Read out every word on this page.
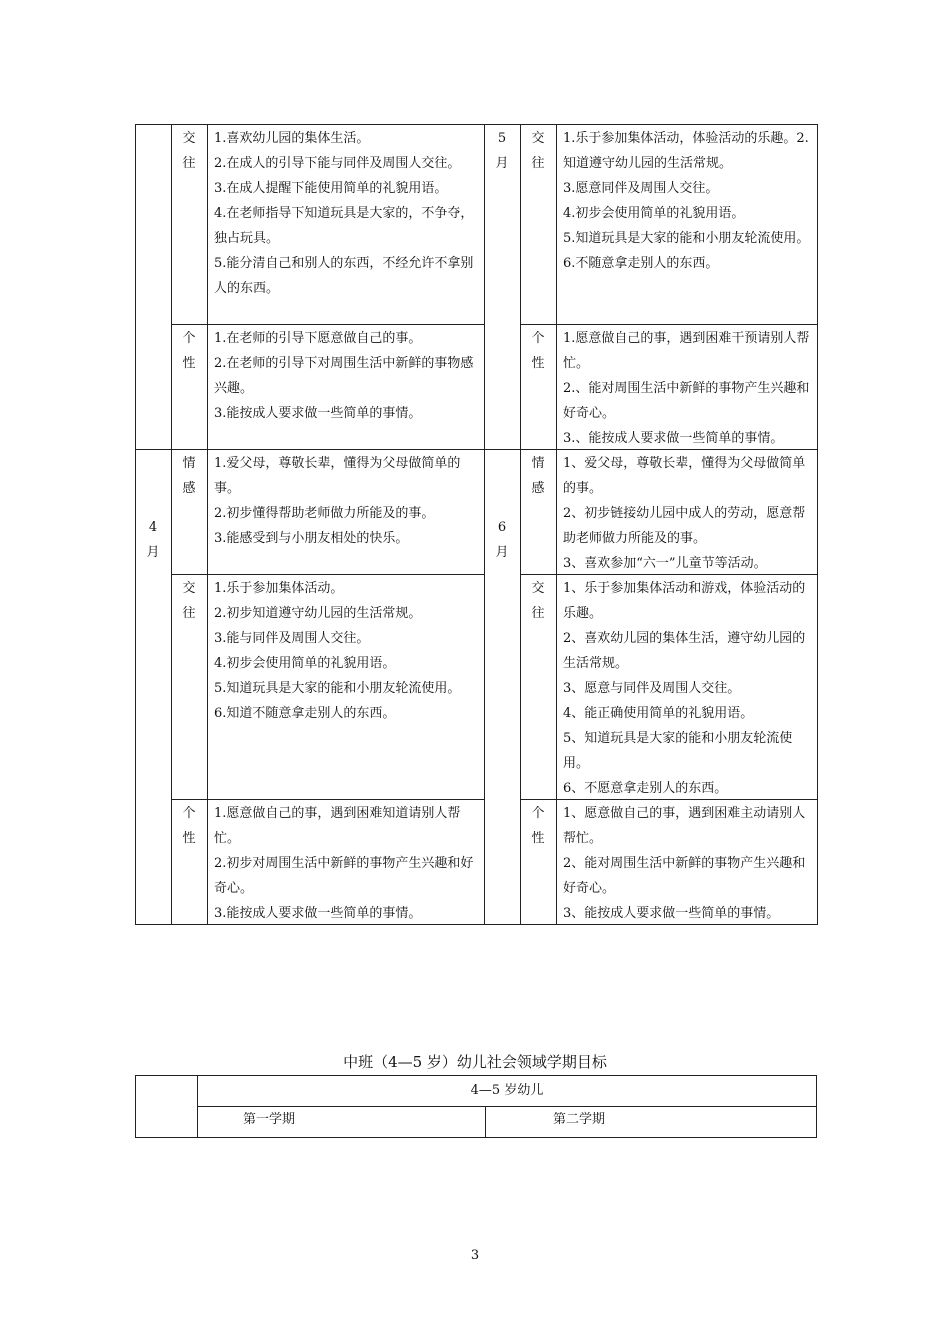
5
月
交
往

1.喜欢幼儿园的集体生活。

2.在成人的引导下能与同伴及周围人交往。

3.在成人提醒下能使用简单的礼貌用语。

4.在老师指导下知道玩具是大家的，不争夺，独占玩具。

5.能分清自己和别人的东西，不经允许不拿别人的东西。

交
往

1.乐于参加集体活动，体验活动的乐趣。2.知道遵守幼儿园的生活常规。

3.愿意同伴及周围人交往。

4.初步会使用简单的礼貌用语。

5.知道玩具是大家的能和小朋友轮流使用。

6.不随意拿走别人的东西。

个
性

1.在老师的引导下愿意做自己的事。

2.在老师的引导下对周围生活中新鲜的事物感兴趣。

3.能按成人要求做一些简单的事情。

个
性

1.愿意做自己的事，遇到困难干预请别人帮忙。

2.、能对周围生活中新鲜的事物产生兴趣和好奇心。

3.、能按成人要求做一些简单的事情。

4
月
6
月
情
感

1.爱父母，尊敬长辈，懂得为父母做简单的事。

2.初步懂得帮助老师做力所能及的事。

3.能感受到与小朋友相处的快乐。

情
感

1、爱父母，尊敬长辈，懂得为父母做简单的事。

2、初步链接幼儿园中成人的劳动，愿意帮助老师做力所能及的事。

3、喜欢参加“六一”儿童节等活动。

交
往

1.乐于参加集体活动。

2.初步知道遵守幼儿园的生活常规。

3.能与同伴及周围人交往。

4.初步会使用简单的礼貌用语。

5.知道玩具是大家的能和小朋友轮流使用。

6.知道不随意拿走别人的东西。

交
往

1、乐于参加集体活动和游戏，体验活动的乐趣。

2、喜欢幼儿园的集体生活，遵守幼儿园的生活常规。

3、愿意与同伴及周围人交往。

4、能正确使用简单的礼貌用语。

5、知道玩具是大家的能和小朋友轮流使用。

6、不愿意拿走别人的东西。

个
性

1.愿意做自己的事，遇到困难知道请别人帮忙。

2.初步对周围生活中新鲜的事物产生兴趣和好奇心。

3.能按成人要求做一些简单的事情。

个
性

1、愿意做自己的事，遇到困难主动请别人帮忙。

2、能对周围生活中新鲜的事物产生兴趣和好奇心。

3、能按成人要求做一些简单的事情。

中班（4—5 岁）幼儿社会领域学期目标
4—5 岁幼儿
第一学期	第二学期
3
